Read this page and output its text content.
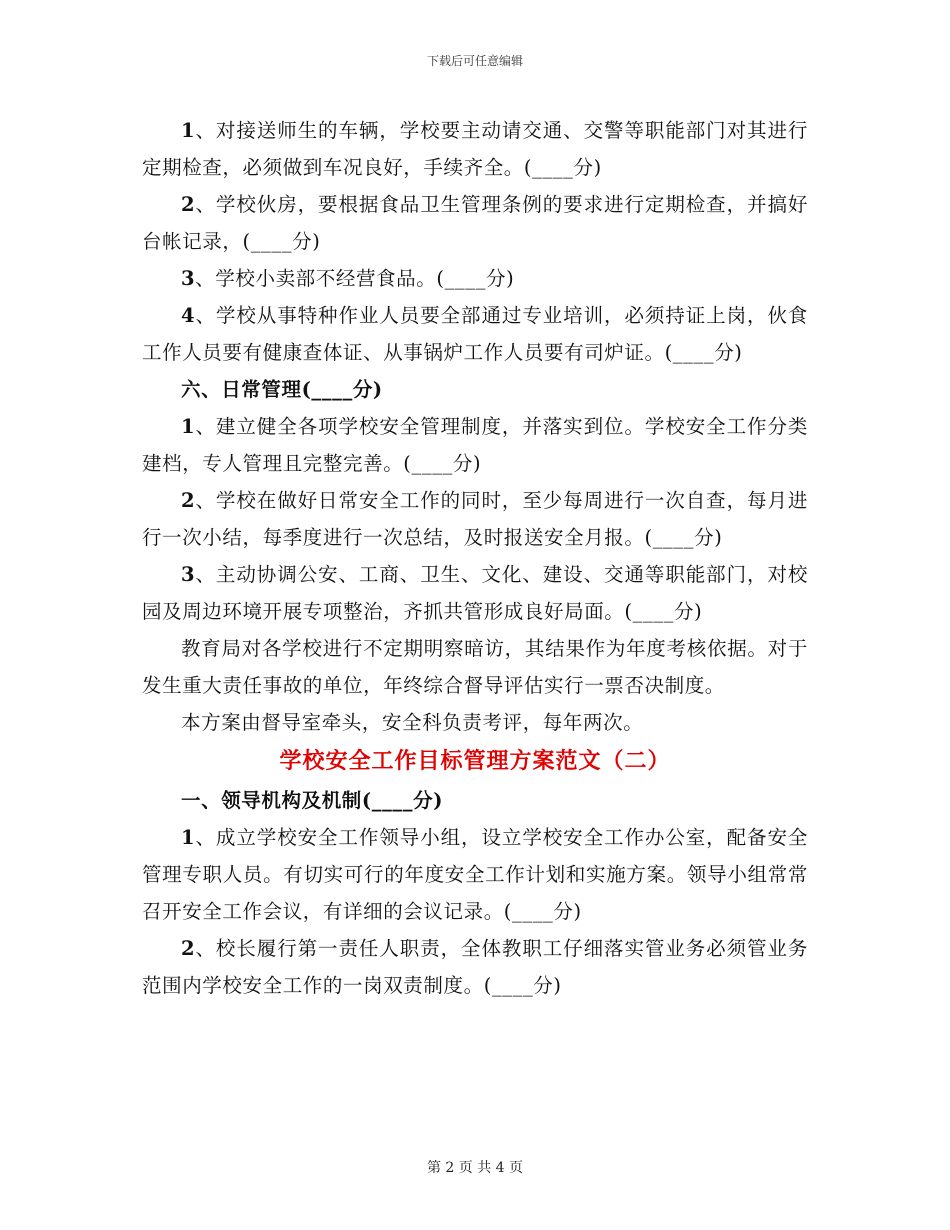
下载后可任意编辑

1、对接送师生的车辆，学校要主动请交通、交警等职能部门对其进行定期检查，必须做到车况良好，手续齐全。(____分)

2、学校伙房，要根据食品卫生管理条例的要求进行定期检查，并搞好台帐记录，(____分)

3、学校小卖部不经营食品。(____分)

4、学校从事特种作业人员要全部通过专业培训，必须持证上岗，伙食工作人员要有健康查体证、从事锅炉工作人员要有司炉证。(____分)

六、日常管理(____分)

1、建立健全各项学校安全管理制度，并落实到位。学校安全工作分类建档，专人管理且完整完善。(____分)

2、学校在做好日常安全工作的同时，至少每周进行一次自查，每月进行一次小结，每季度进行一次总结，及时报送安全月报。(____分)

3、主动协调公安、工商、卫生、文化、建设、交通等职能部门，对校园及周边环境开展专项整治，齐抓共管形成良好局面。(____分)

教育局对各学校进行不定期明察暗访，其结果作为年度考核依据。对于发生重大责任事故的单位，年终综合督导评估实行一票否决制度。

本方案由督导室牵头，安全科负责考评，每年两次。

学校安全工作目标管理方案范文（二）

一、领导机构及机制(____分)

1、成立学校安全工作领导小组，设立学校安全工作办公室，配备安全管理专职人员。有切实可行的年度安全工作计划和实施方案。领导小组常常召开安全工作会议，有详细的会议记录。(____分)

2、校长履行第一责任人职责，全体教职工仔细落实管业务必须管业务范围内学校安全工作的一岗双责制度。(____分)

第 2 页 共 4 页
